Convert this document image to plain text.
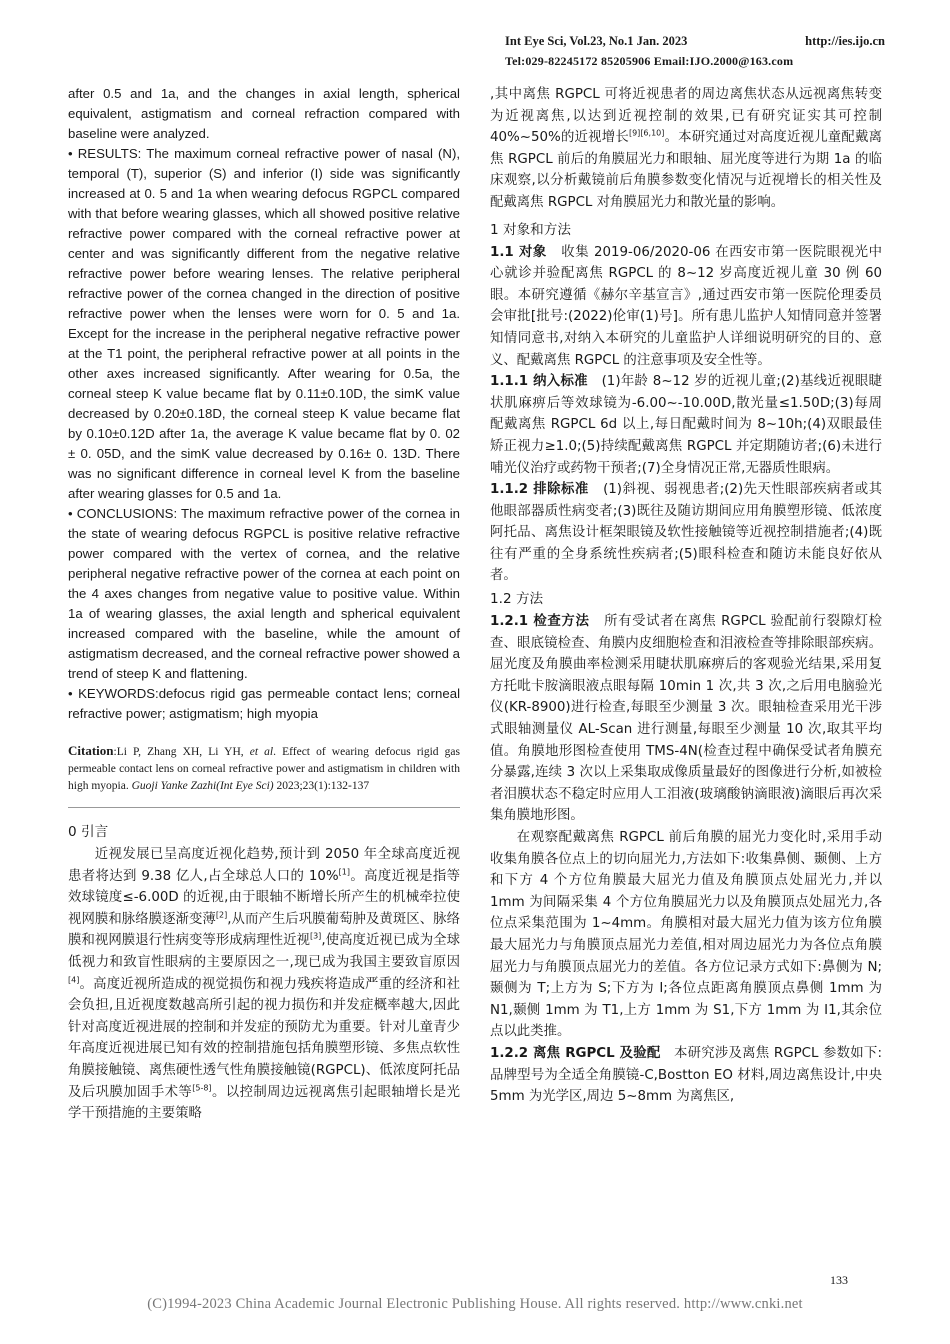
Int Eye Sci, Vol.23, No.1 Jan. 2023	http://ies.ijo.cn
Tel:029-82245172 85205906 Email:IJO.2000@163.com

after 0.5 and 1a, and the changes in axial length, spherical equivalent, astigmatism and corneal refraction compared with baseline were analyzed.

• RESULTS: The maximum corneal refractive power of nasal (N), temporal (T), superior (S) and inferior (I) side was significantly increased at 0. 5 and 1a when wearing defocus RGPCL compared with that before wearing glasses, which all showed positive relative refractive power compared with the corneal refractive power at center and was significantly different from the negative relative refractive power before wearing lenses. The relative peripheral refractive power of the cornea changed in the direction of positive refractive power when the lenses were worn for 0. 5 and 1a. Except for the increase in the peripheral negative refractive power at the T1 point, the peripheral refractive power at all points in the other axes increased significantly. After wearing for 0.5a, the corneal steep K value became flat by 0.11±0.10D, the simK value decreased by 0.20±0.18D, the corneal steep K value became flat by 0.10±0.12D after 1a, the average K value became flat by 0. 02 ± 0. 05D, and the simK value decreased by 0.16± 0. 13D. There was no significant difference in corneal level K from the baseline after wearing glasses for 0.5 and 1a.

• CONCLUSIONS: The maximum refractive power of the cornea in the state of wearing defocus RGPCL is positive relative refractive power compared with the vertex of cornea, and the relative peripheral negative refractive power of the cornea at each point on the 4 axes changes from negative value to positive value. Within 1a of wearing glasses, the axial length and spherical equivalent increased compared with the baseline, while the amount of astigmatism decreased, and the corneal refractive power showed a trend of steep K and flattening.

• KEYWORDS:defocus rigid gas permeable contact lens; corneal refractive power; astigmatism; high myopia

Citation:Li P, Zhang XH, Li YH, et al. Effect of wearing defocus rigid gas permeable contact lens on corneal refractive power and astigmatism in children with high myopia. Guoji Yanke Zazhi(Int Eye Sci) 2023;23(1):132-137
0 引言

近视发展已呈高度近视化趋势,预计到 2050 年全球高度近视患者将达到 9.38 亿人,占全球总人口的 10%[1]。高度近视是指等效球镜度≤-6.00D 的近视,由于眼轴不断增长所产生的机械牵拉使视网膜和脉络膜逐渐变薄[2],从而产生后巩膜葡萄肿及黄斑区、脉络膜和视网膜退行性病变等形成病理性近视[3],使高度近视已成为全球低视力和致盲性眼病的主要原因之一,现已成为我国主要致盲原因[4]。高度近视所造成的视觉损伤和视力残疾将造成严重的经济和社会负担,且近视度数越高所引起的视力损伤和并发症概率越大,因此针对高度近视进展的控制和并发症的预防尤为重要。针对儿童青少年高度近视进展已知有效的控制措施包括角膜塑形镜、多焦点软性角膜接触镜、离焦硬性透气性角膜接触镜(RGPCL)、低浓度阿托品及后巩膜加固手术等[5-8]。以控制周边远视离焦引起眼轴增长是光学干预措施的主要策略

,其中离焦 RGPCL 可将近视患者的周边离焦状态从远视离焦转变为近视离焦,以达到近视控制的效果,已有研究证实其可控制 40%~50%的近视增长[9][6,10]。本研究通过对高度近视儿童配戴离焦 RGPCL 前后的角膜屈光力和眼轴、屈光度等进行为期 1a 的临床观察,以分析戴镜前后角膜参数变化情况与近视增长的相关性及配戴离焦 RGPCL 对角膜屈光力和散光量的影响。

1 对象和方法

1.1 对象 收集 2019-06/2020-06 在西安市第一医院眼视光中心就诊并验配离焦 RGPCL 的 8~12 岁高度近视儿童 30 例 60 眼。本研究遵循《赫尔辛基宣言》,通过西安市第一医院伦理委员会审批[批号:(2022)伦审(1)号]。所有患儿监护人知情同意并签署知情同意书,对纳入本研究的儿童监护人详细说明研究的目的、意义、配戴离焦 RGPCL 的注意事项及安全性等。

1.1.1 纳入标准 (1)年龄 8~12 岁的近视儿童;(2)基线近视眼睫状肌麻痹后等效球镜为-6.00~-10.00D,散光量≤1.50D;(3)每周配戴离焦 RGPCL 6d 以上,每日配戴时间为 8~10h;(4)双眼最佳矫正视力≥1.0;(5)持续配戴离焦 RGPCL 并定期随访者;(6)未进行哺光仪治疗或药物干预者;(7)全身情况正常,无器质性眼病。

1.1.2 排除标准 (1)斜视、弱视患者;(2)先天性眼部疾病者或其他眼部器质性病变者;(3)既往及随访期间应用角膜塑形镜、低浓度阿托品、离焦设计框架眼镜及软性接触镜等近视控制措施者;(4)既往有严重的全身系统性疾病者;(5)眼科检查和随访未能良好依从者。

1.2 方法

1.2.1 检查方法 所有受试者在离焦 RGPCL 验配前行裂隙灯检查、眼底镜检查、角膜内皮细胞检查和泪液检查等排除眼部疾病。屈光度及角膜曲率检测采用睫状肌麻痹后的客观验光结果,采用复方托吡卡胺滴眼液点眼每隔 10min 1 次,共 3 次,之后用电脑验光仪(KR-8900)进行检查,每眼至少测量 3 次。眼轴检查采用光干涉式眼轴测量仪 AL-Scan 进行测量,每眼至少测量 10 次,取其平均值。角膜地形图检查使用 TMS-4N(检查过程中确保受试者角膜充分暴露,连续 3 次以上采集取成像质量最好的图像进行分析,如被检者泪膜状态不稳定时应用人工泪液(玻璃酸钠滴眼液)滴眼后再次采集角膜地形图。

在观察配戴离焦 RGPCL 前后角膜的屈光力变化时,采用手动收集角膜各位点上的切向屈光力,方法如下:收集鼻侧、颞侧、上方和下方 4 个方位角膜最大屈光力值及角膜顶点处屈光力,并以 1mm 为间隔采集 4 个方位角膜屈光力以及角膜顶点处屈光力,各位点采集范围为 1~4mm。角膜相对最大屈光力值为该方位角膜最大屈光力与角膜顶点屈光力差值,相对周边屈光力为各位点角膜屈光力与角膜顶点屈光力的差值。各方位记录方式如下:鼻侧为 N;颞侧为 T;上方为 S;下方为 I;各位点距离角膜顶点鼻侧 1mm 为 N1,颞侧 1mm 为 T1,上方 1mm 为 S1,下方 1mm 为 I1,其余位点以此类推。

1.2.2 离焦 RGPCL 及验配 本研究涉及离焦 RGPCL 参数如下:品牌型号为全适全角膜镜-C,Bostton EO 材料,周边离焦设计,中央 5mm 为光学区,周边 5~8mm 为离焦区,

133
(C)1994-2023 China Academic Journal Electronic Publishing House. All rights reserved. http://www.cnki.net
